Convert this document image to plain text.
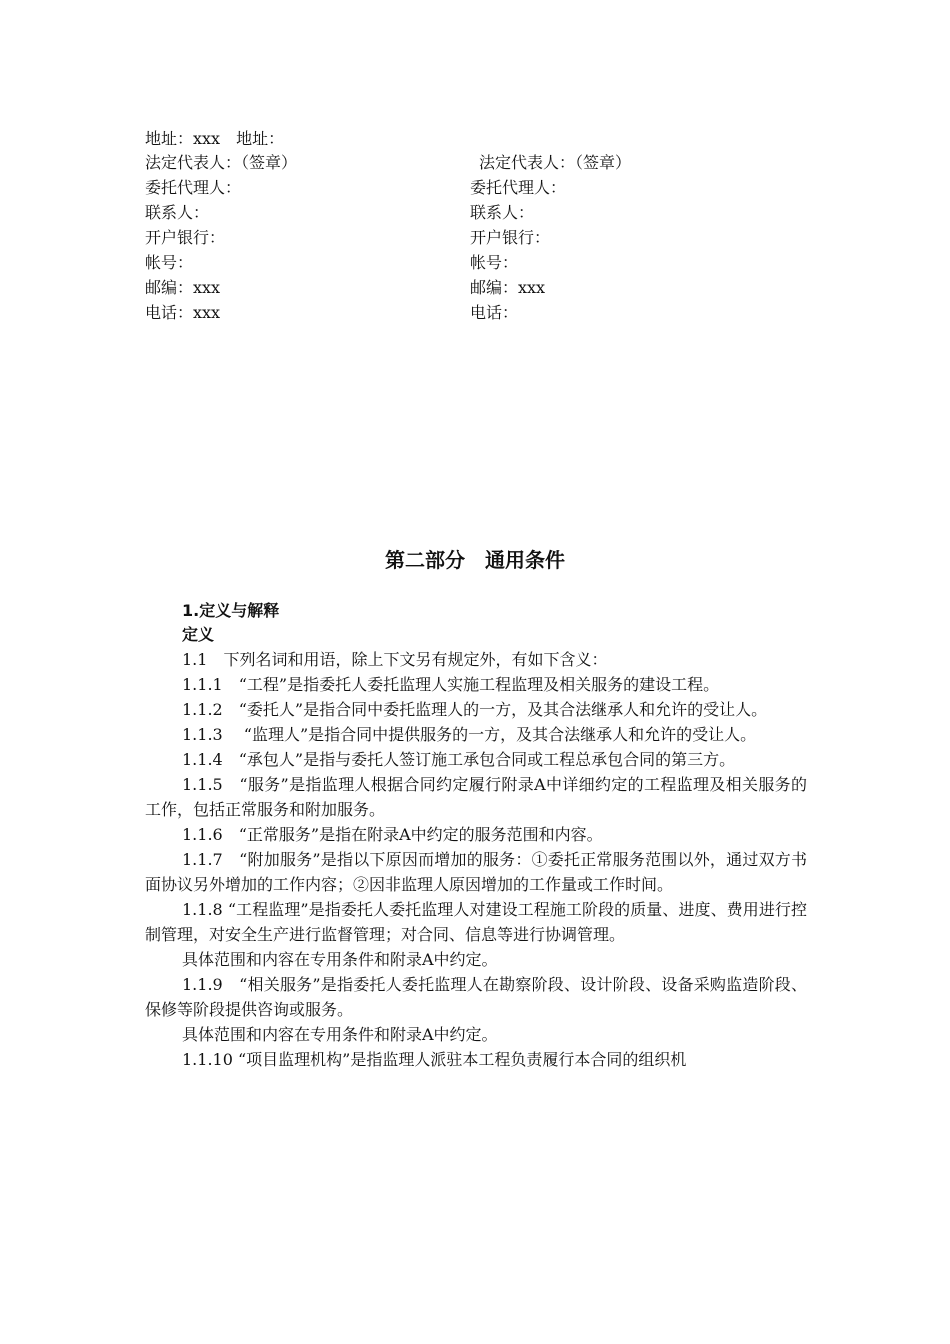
地址：xxx　地址：
法定代表人：（签章）	法定代表人：（签章）
委托代理人：	委托代理人：
联系人：	联系人：
开户银行：	开户银行：
帐号：	帐号：
邮编：xxx	邮编：xxx
电话：xxx	电话：
第二部分　通用条件
1.定义与解释
定义

1.1　下列名词和用语，除上下文另有规定外，有如下含义：

1.1.1　“工程”是指委托人委托监理人实施工程监理及相关服务的建设工程。

1.1.2　“委托人”是指合同中委托监理人的一方，及其合法继承人和允许的受让人。

1.1.3　 “监理人”是指合同中提供服务的一方，及其合法继承人和允许的受让人。

1.1.4　“承包人”是指与委托人签订施工承包合同或工程总承包合同的第三方。

1.1.5　“服务”是指监理人根据合同约定履行附录A中详细约定的工程监理及相关服务的工作，包括正常服务和附加服务。

1.1.6　“正常服务”是指在附录A中约定的服务范围和内容。

1.1.7　“附加服务”是指以下原因而增加的服务：①委托正常服务范围以外，通过双方书面协议另外增加的工作内容；②因非监理人原因增加的工作量或工作时间。

1.1.8 “工程监理”是指委托人委托监理人对建设工程施工阶段的质量、进度、费用进行控制管理，对安全生产进行监督管理；对合同、信息等进行协调管理。

具体范围和内容在专用条件和附录A中约定。

1.1.9　“相关服务”是指委托人委托监理人在勘察阶段、设计阶段、设备采购监造阶段、保修等阶段提供咨询或服务。

具体范围和内容在专用条件和附录A中约定。

1.1.10 “项目监理机构”是指监理人派驻本工程负责履行本合同的组织机
